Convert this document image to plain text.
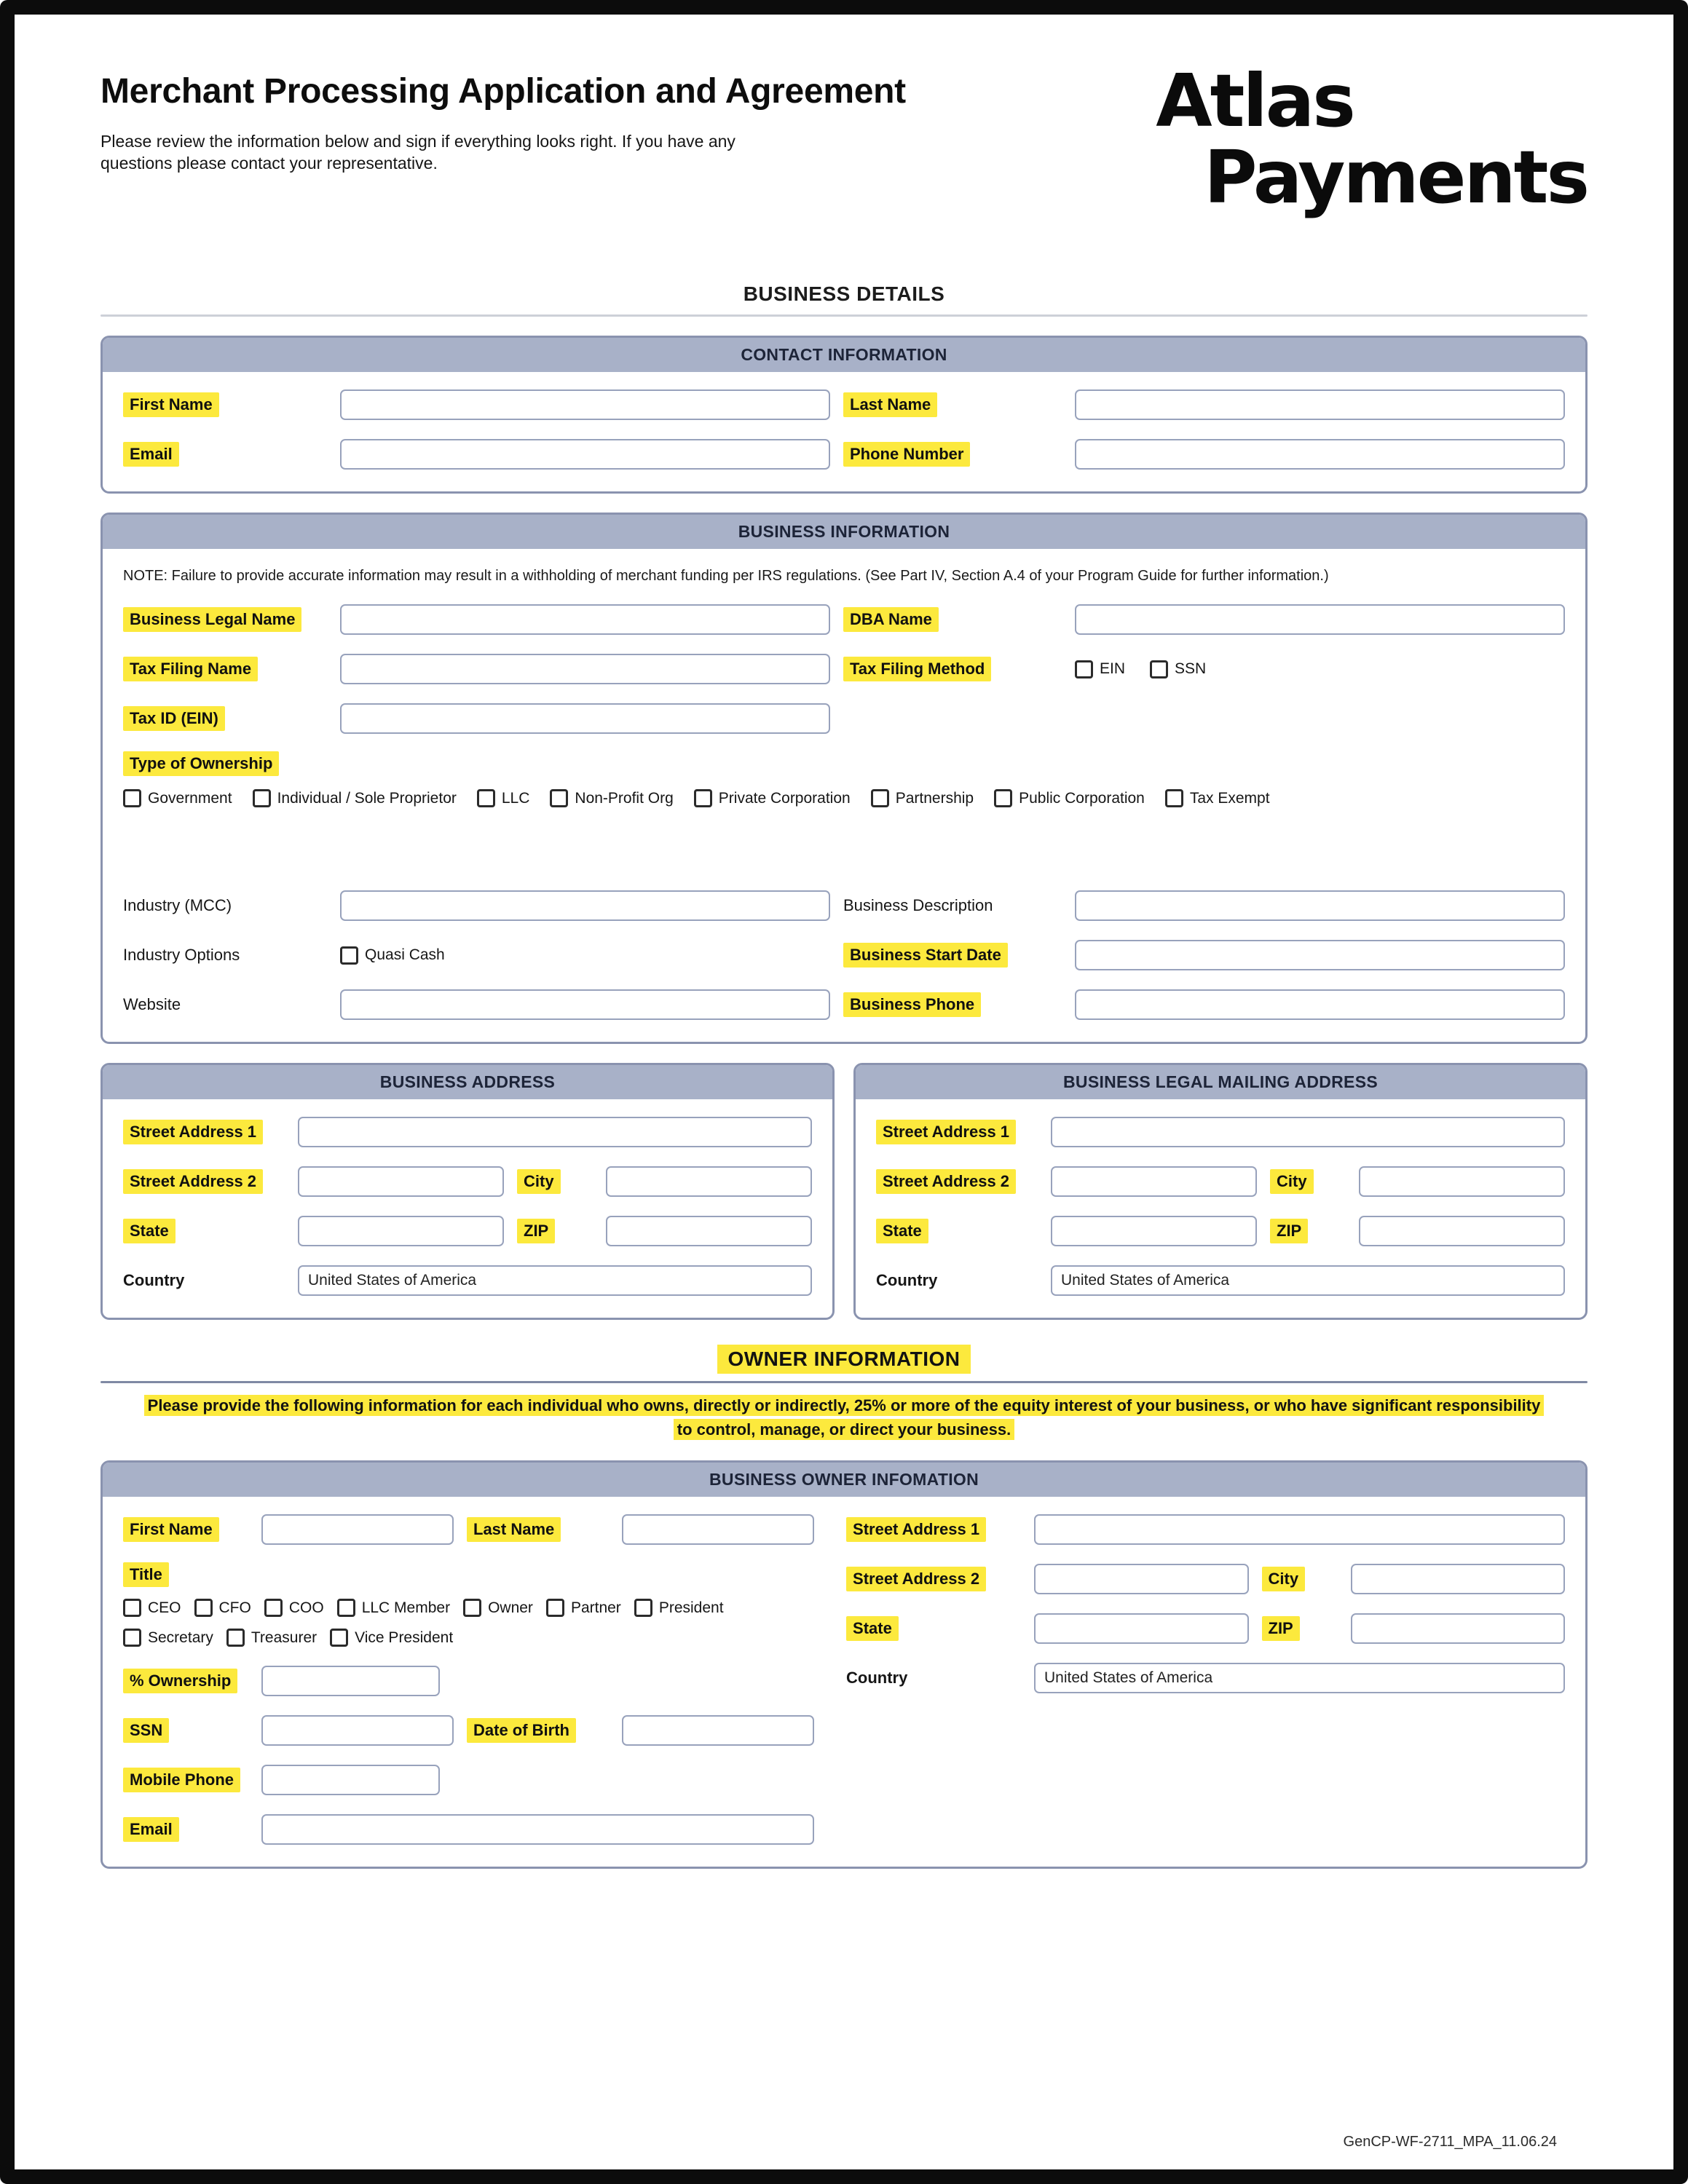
Merchant Processing Application and Agreement

Please review the information below and sign if everything looks right. If you have any questions please contact your representative.

Atlas
Payments
BUSINESS DETAILS
CONTACT INFORMATION
First Name	Last Name
Email	Phone Number
BUSINESS INFORMATION

NOTE: Failure to provide accurate information may result in a withholding of merchant funding per IRS regulations. (See Part IV, Section A.4 of your Program Guide for further information.)

Business Legal Name	DBA Name
Tax Filing Name	Tax Filing Method	EIN	SSN
Tax ID (EIN)
Type of Ownership
Government	Individual / Sole Proprietor	LLC	Non-Profit Org	Private Corporation	Partnership	Public Corporation	Tax Exempt
Industry (MCC)	Business Description
Industry Options	Quasi Cash	Business Start Date
Website	Business Phone
BUSINESS ADDRESS
Street Address 1
Street Address 2	City
State	ZIP
Country
United States of America
BUSINESS LEGAL MAILING ADDRESS
Street Address 1
Street Address 2	City
State	ZIP
Country
United States of America
OWNER INFORMATION
Please provide the following information for each individual who owns, directly or indirectly, 25% or more of the equity interest of your business, or who have significant responsibility to control, manage, or direct your business.
BUSINESS OWNER INFOMATION
First Name	Last Name
Title
CEO CFO COO LLC Member Owner Partner President
Secretary Treasurer Vice President
% Ownership
SSN	Date of Birth
Mobile Phone
Email
Street Address 1
Street Address 2	City
State	ZIP
Country
United States of America
GenCP-WF-2711_MPA_11.06.24
